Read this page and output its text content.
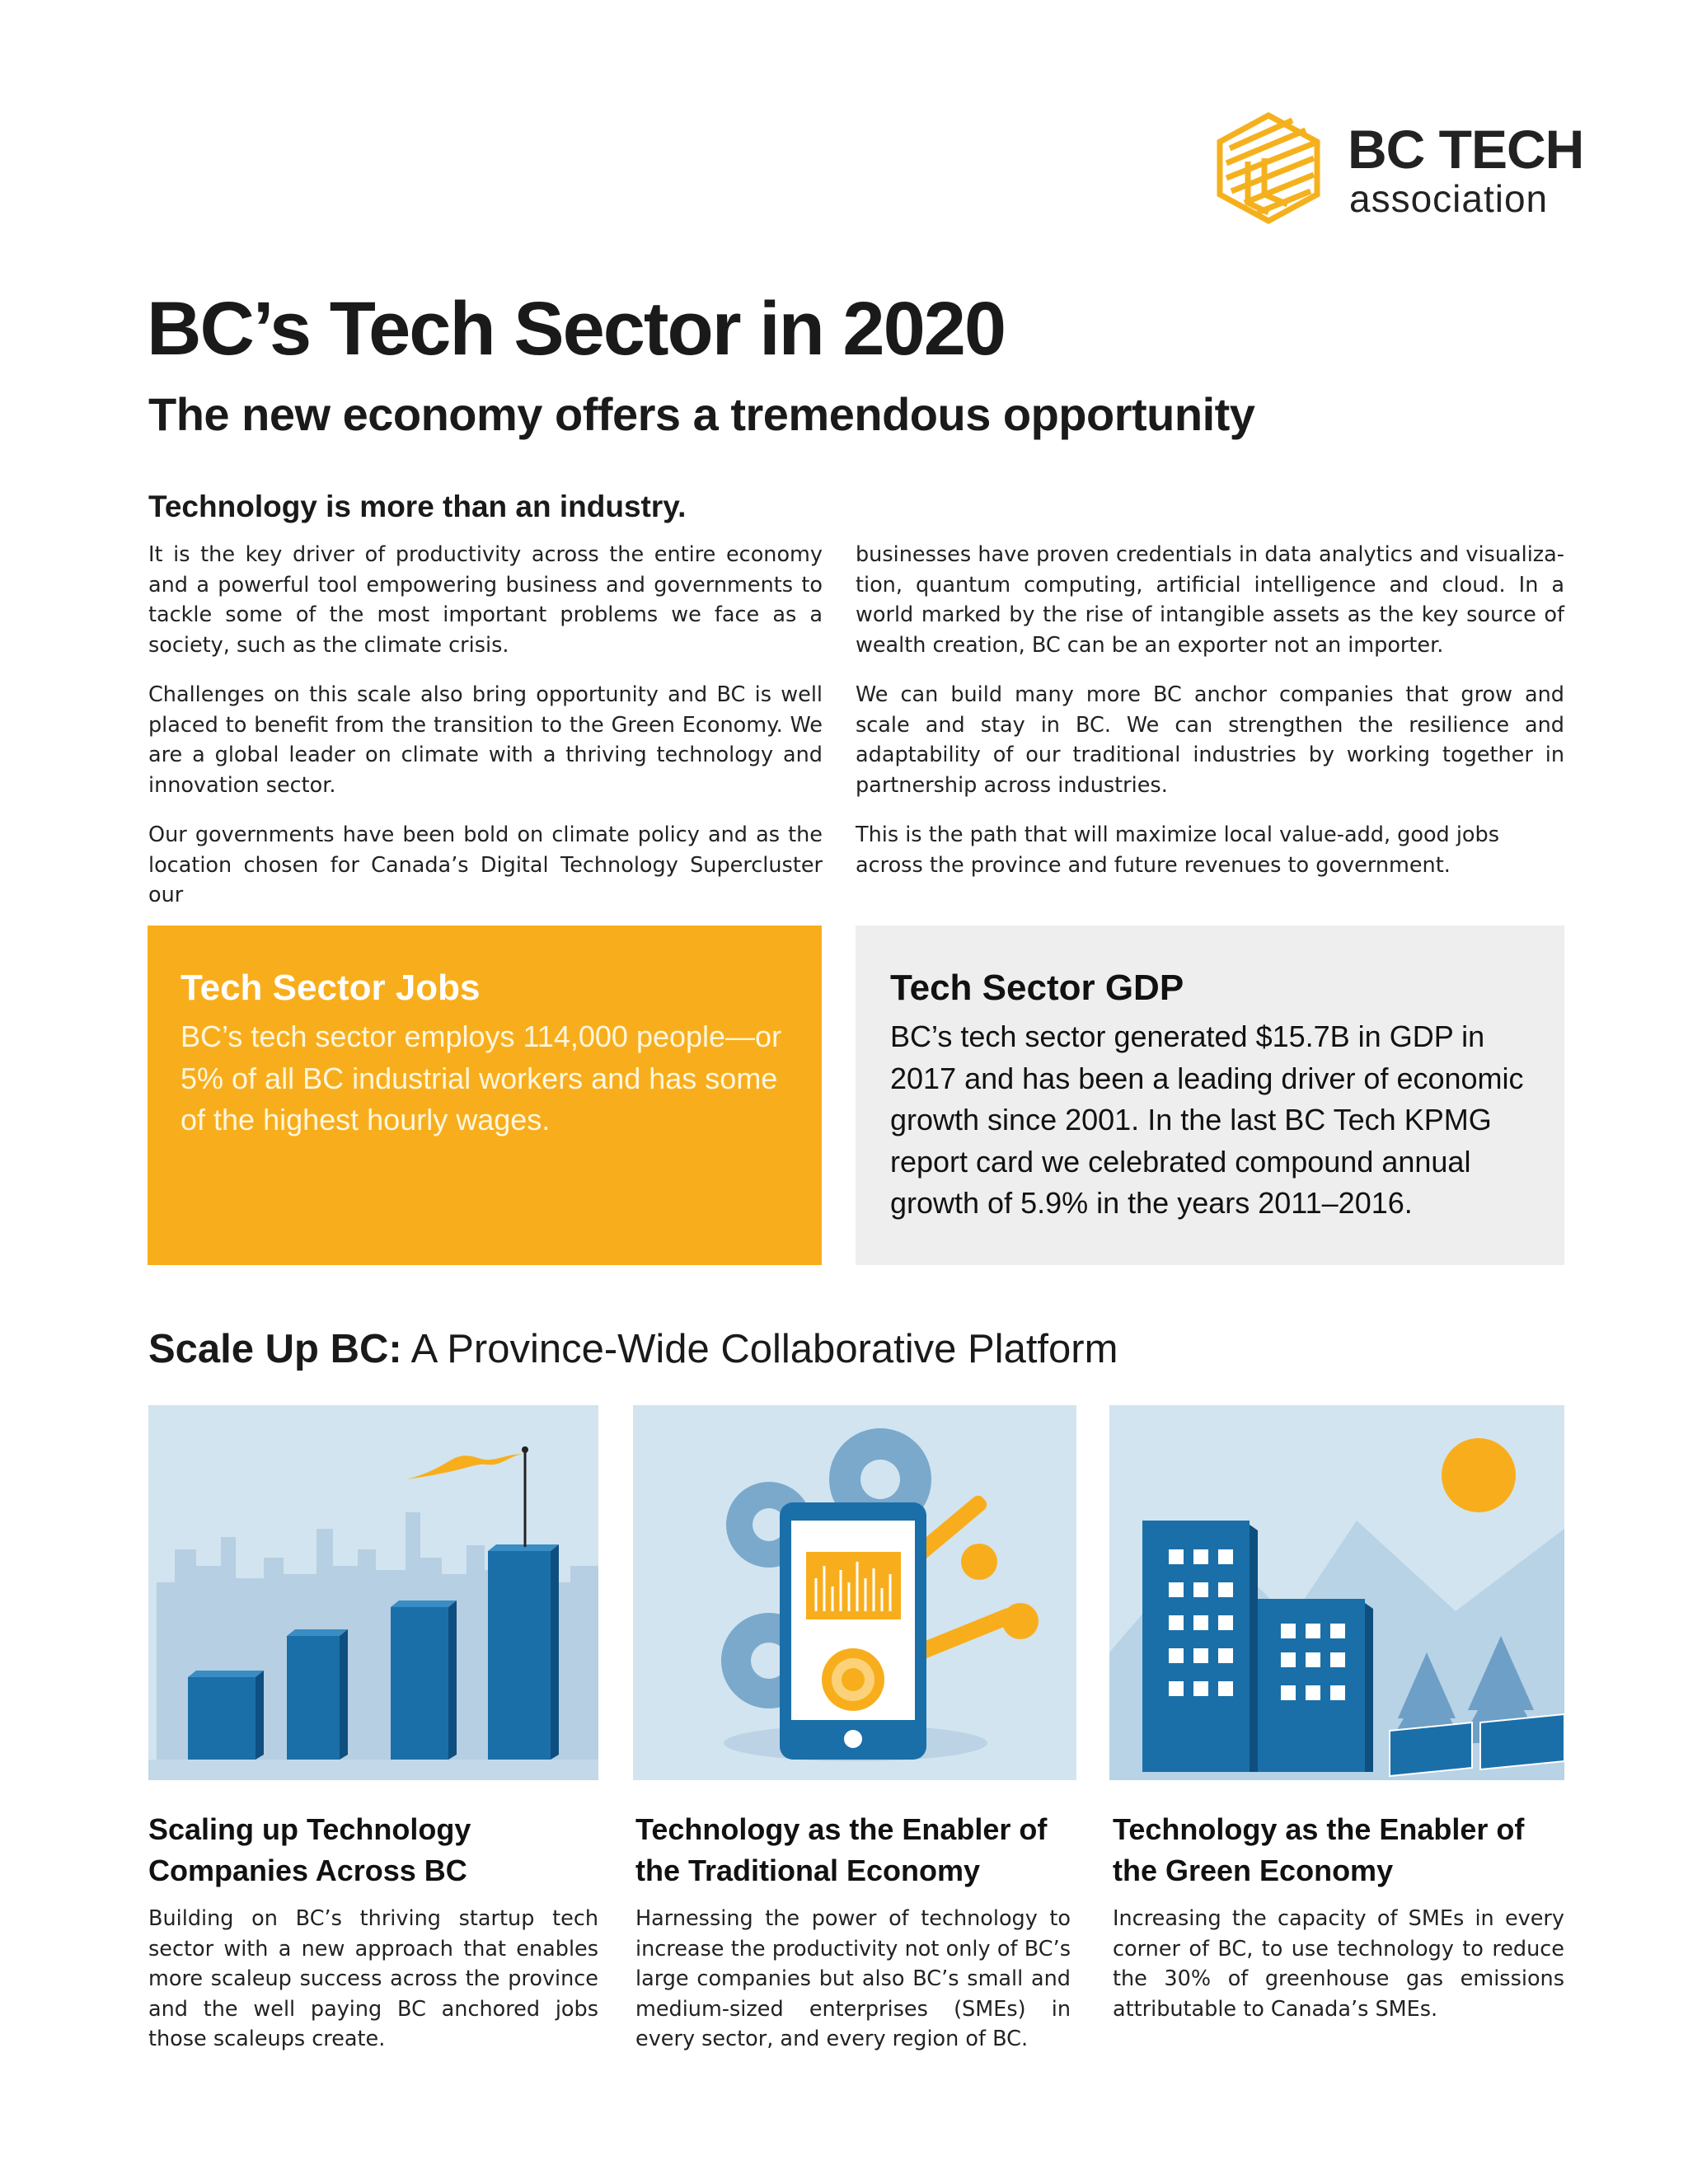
BC TECH
association
BC’s Tech Sector in 2020
The new economy offers a tremendous opportunity
Technology is more than an industry.

It is the key driver of productivity across the entire economy and a powerful tool empowering business and governments to tackle some of the most important problems we face as a society, such as the climate crisis.

Challenges on this scale also bring opportunity and BC is well placed to benefit from the transition to the Green Economy. We are a global leader on climate with a thriving technology and innovation sector.

Our governments have been bold on climate policy and as the location chosen for Canada’s Digital Technology Supercluster our

businesses have proven credentials in data analytics and visualiza-tion, quantum computing, artificial intelligence and cloud. In a world marked by the rise of intangible assets as the key source of wealth creation, BC can be an exporter not an importer.

We can build many more BC anchor companies that grow and scale and stay in BC. We can strengthen the resilience and adaptability of our traditional industries by working together in partnership across industries.

This is the path that will maximize local value-add, good jobs across the province and future revenues to government.

Tech Sector Jobs
BC’s tech sector employs 114,000 people—or 5% of all BC industrial workers and has some of the highest hourly wages.
Tech Sector GDP
BC’s tech sector generated $15.7B in GDP in 2017 and has been a leading driver of economic growth since 2001. In the last BC Tech KPMG report card we celebrated compound annual growth of 5.9% in the years 2011–2016.
Scale Up BC: A Province-Wide Collaborative Platform
Scaling up Technology Companies Across BC
Building on BC’s thriving startup tech sector with a new approach that enables more scaleup success across the province and the well paying BC anchored jobs those scaleups create.
Technology as the Enabler of the Traditional Economy
Harnessing the power of technology to increase the productivity not only of BC’s large companies but also BC’s small and medium-sized enterprises (SMEs) in every sector, and every region of BC.
Technology as the Enabler of the Green Economy
Increasing the capacity of SMEs in every corner of BC, to use technology to reduce the 30% of greenhouse gas emissions attributable to Canada’s SMEs.
